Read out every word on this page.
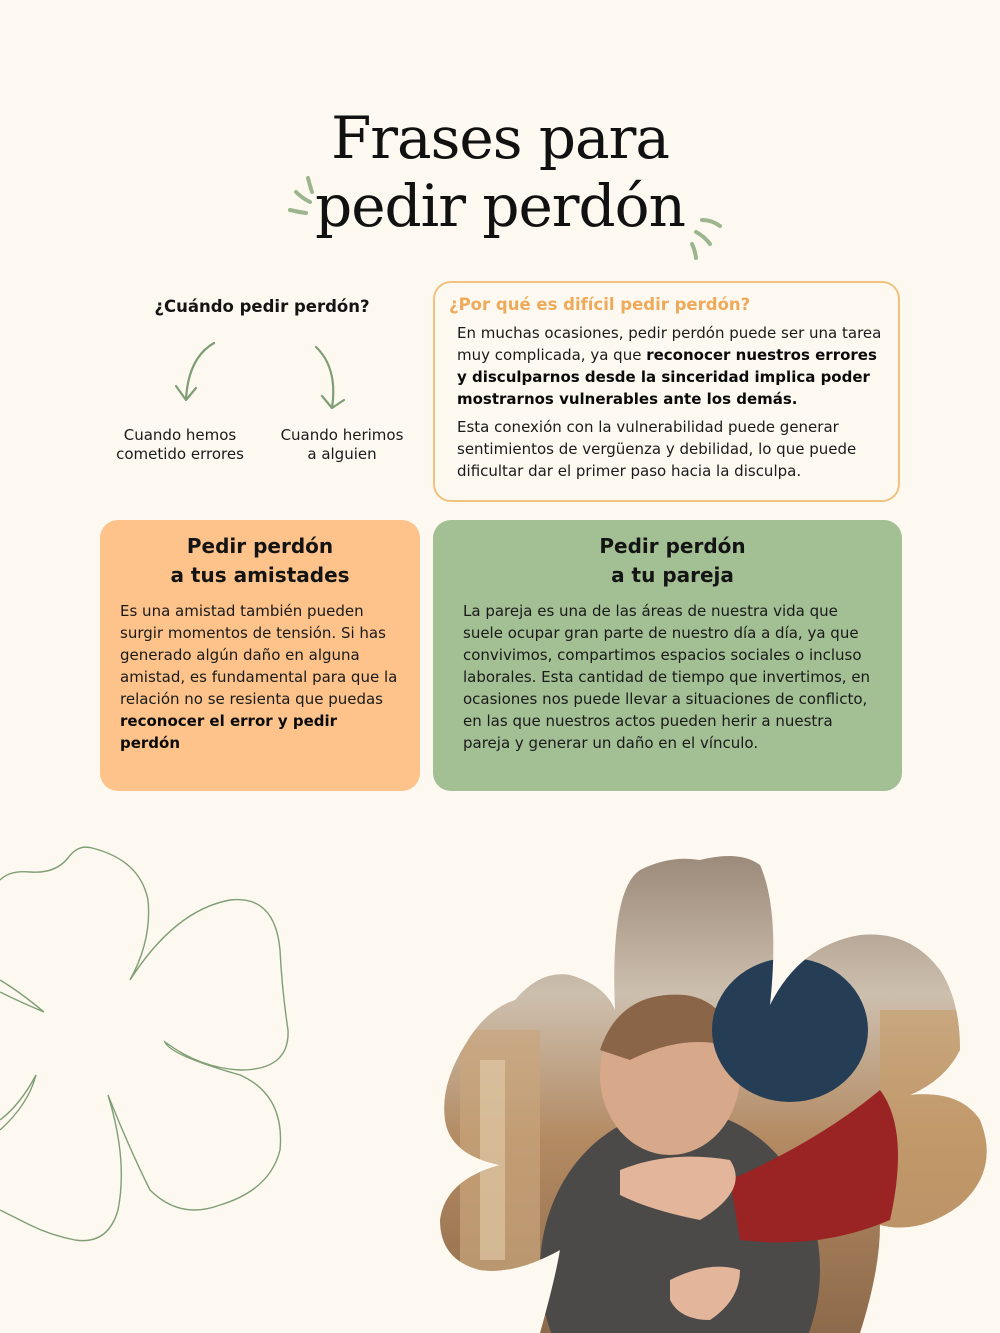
Frases para
pedir perdón
¿Cuándo pedir perdón?
Cuando hemos
cometido errores
Cuando herimos
a alguien
¿Por qué es difícil pedir perdón?

En muchas ocasiones, pedir perdón puede ser una tarea muy complicada, ya que reconocer nuestros errores y disculparnos desde la sinceridad implica poder mostrarnos vulnerables ante los demás.

Esta conexión con la vulnerabilidad puede generar sentimientos de vergüenza y debilidad, lo que puede dificultar dar el primer paso hacia la disculpa.

Pedir perdón
a tus amistades

Es una amistad también pueden surgir momentos de tensión. Si has generado algún daño en alguna amistad, es fundamental para que la relación no se resienta que puedas reconocer el error y pedir perdón

Pedir perdón
a tu pareja

La pareja es una de las áreas de nuestra vida que suele ocupar gran parte de nuestro día a día, ya que convivimos, compartimos espacios sociales o incluso laborales. Esta cantidad de tiempo que invertimos, en ocasiones nos puede llevar a situaciones de conflicto, en las que nuestros actos pueden herir a nuestra pareja y generar un daño en el vínculo.
